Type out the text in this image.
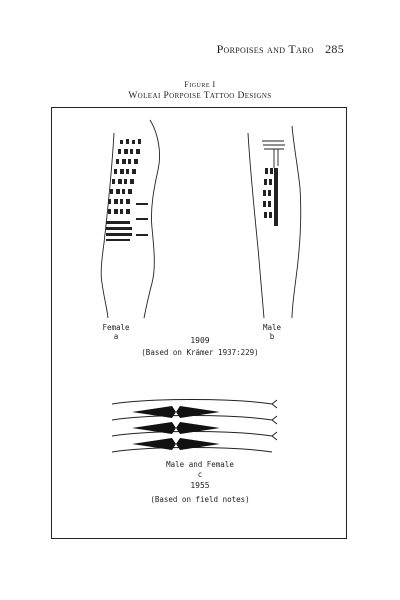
Porpoises and Taro 285
Figure I
Woleai Porpoise Tattoo Designs
Female
a
Male
b
1909
(Based on Krämer 1937:229)
Male and Female
c
1955
(Based on field notes)
